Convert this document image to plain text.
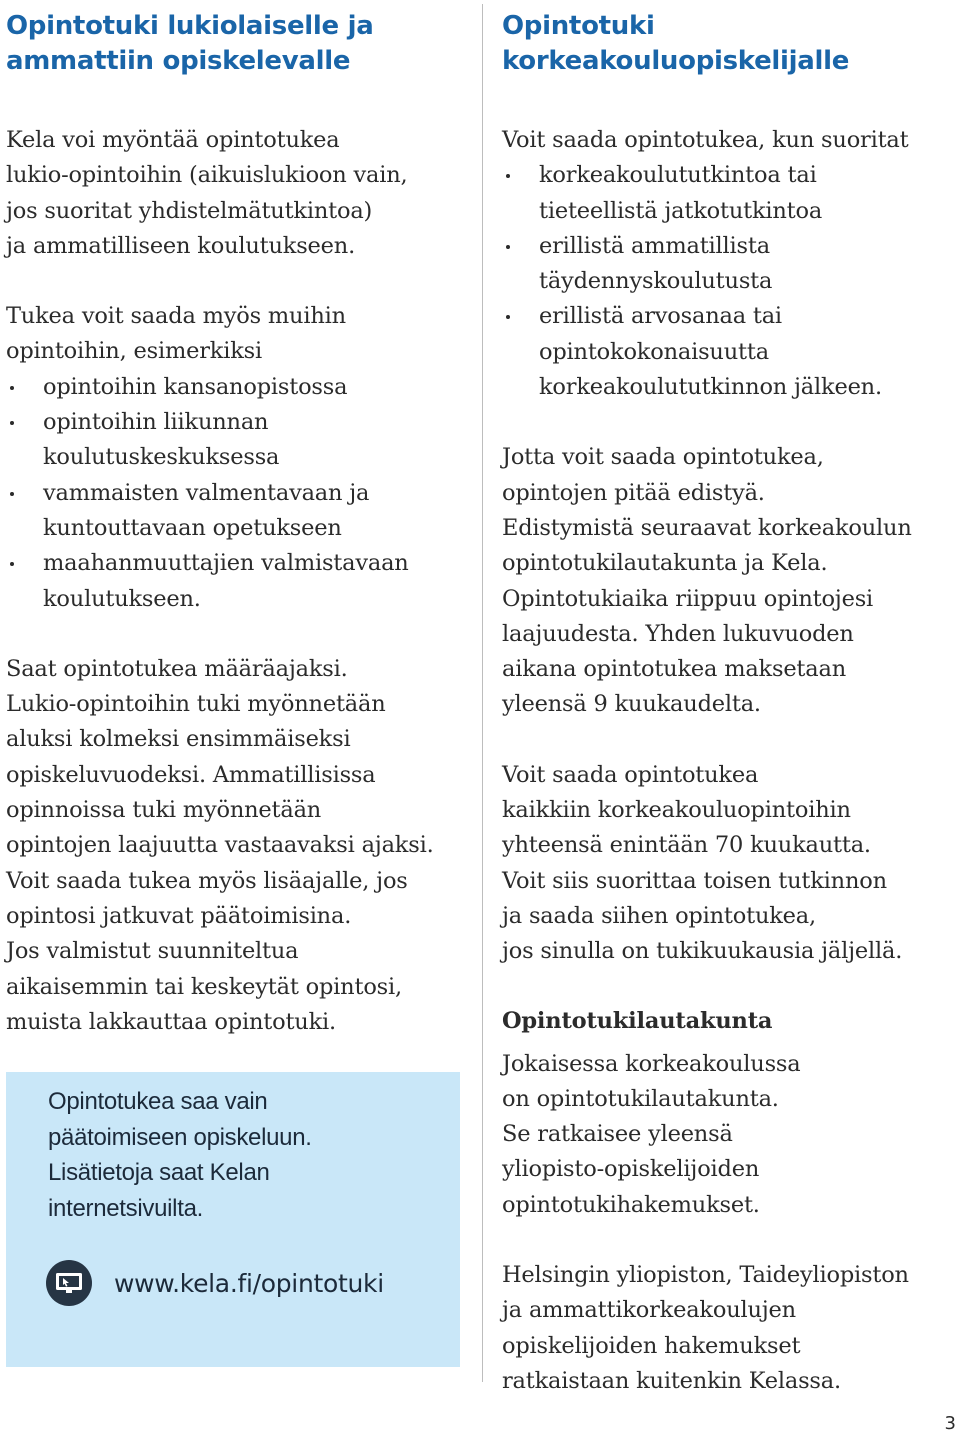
Opintotuki lukiolaiselle ja
ammattiin opiskelevalle

Kela voi myöntää opintotukea
lukio-opintoihin (aikuislukioon vain,
jos suoritat yhdistelmätutkintoa)
ja ammatilliseen koulutukseen.

Tukea voit saada myös muihin
opintoihin, esimerkiksi

opintoihin kansanopistossa
opintoihin liikunnan
koulutuskeskuksessa
vammaisten valmentavaan ja
kuntouttavaan opetukseen
maahanmuuttajien valmistavaan
koulutukseen.

Saat opintotukea määräajaksi.
Lukio-opintoihin tuki myönnetään
aluksi kolmeksi ensimmäiseksi
opiskeluvuodeksi. Ammatillisissa
opinnoissa tuki myönnetään
opintojen laajuutta vastaavaksi ajaksi.
Voit saada tukea myös lisäajalle, jos
opintosi jatkuvat päätoimisina.
Jos valmistut suunniteltua
aikaisemmin tai keskeytät opintosi,
muista lakkauttaa opintotuki.

Opintotukea saa vain
päätoimiseen opiskeluun.
Lisätietoja saat Kelan
internetsivuilta.
www.kela.fi/opintotuki
Opintotuki
korkeakouluopiskelijalle

Voit saada opintotukea, kun suoritat

korkeakoulututkintoa tai
tieteellistä jatkotutkintoa
erillistä ammatillista
täydennyskoulutusta
erillistä arvosanaa tai
opintokokonaisuutta
korkeakoulututkinnon jälkeen.

Jotta voit saada opintotukea,
opintojen pitää edistyä.
Edistymistä seuraavat korkeakoulun
opintotukilautakunta ja Kela.
Opintotukiaika riippuu opintojesi
laajuudesta. Yhden lukuvuoden
aikana opintotukea maksetaan
yleensä 9 kuukaudelta.

Voit saada opintotukea
kaikkiin korkeakouluopintoihin
yhteensä enintään 70 kuukautta.
Voit siis suorittaa toisen tutkinnon
ja saada siihen opintotukea,
jos sinulla on tukikuukausia jäljellä.

Opintotukilautakunta

Jokaisessa korkeakoulussa
on opintotukilautakunta.
Se ratkaisee yleensä
yliopisto-opiskelijoiden
opintotukihakemukset.

Helsingin yliopiston, Taideyliopiston
ja ammattikorkeakoulujen
opiskelijoiden hakemukset
ratkaistaan kuitenkin Kelassa.

3
